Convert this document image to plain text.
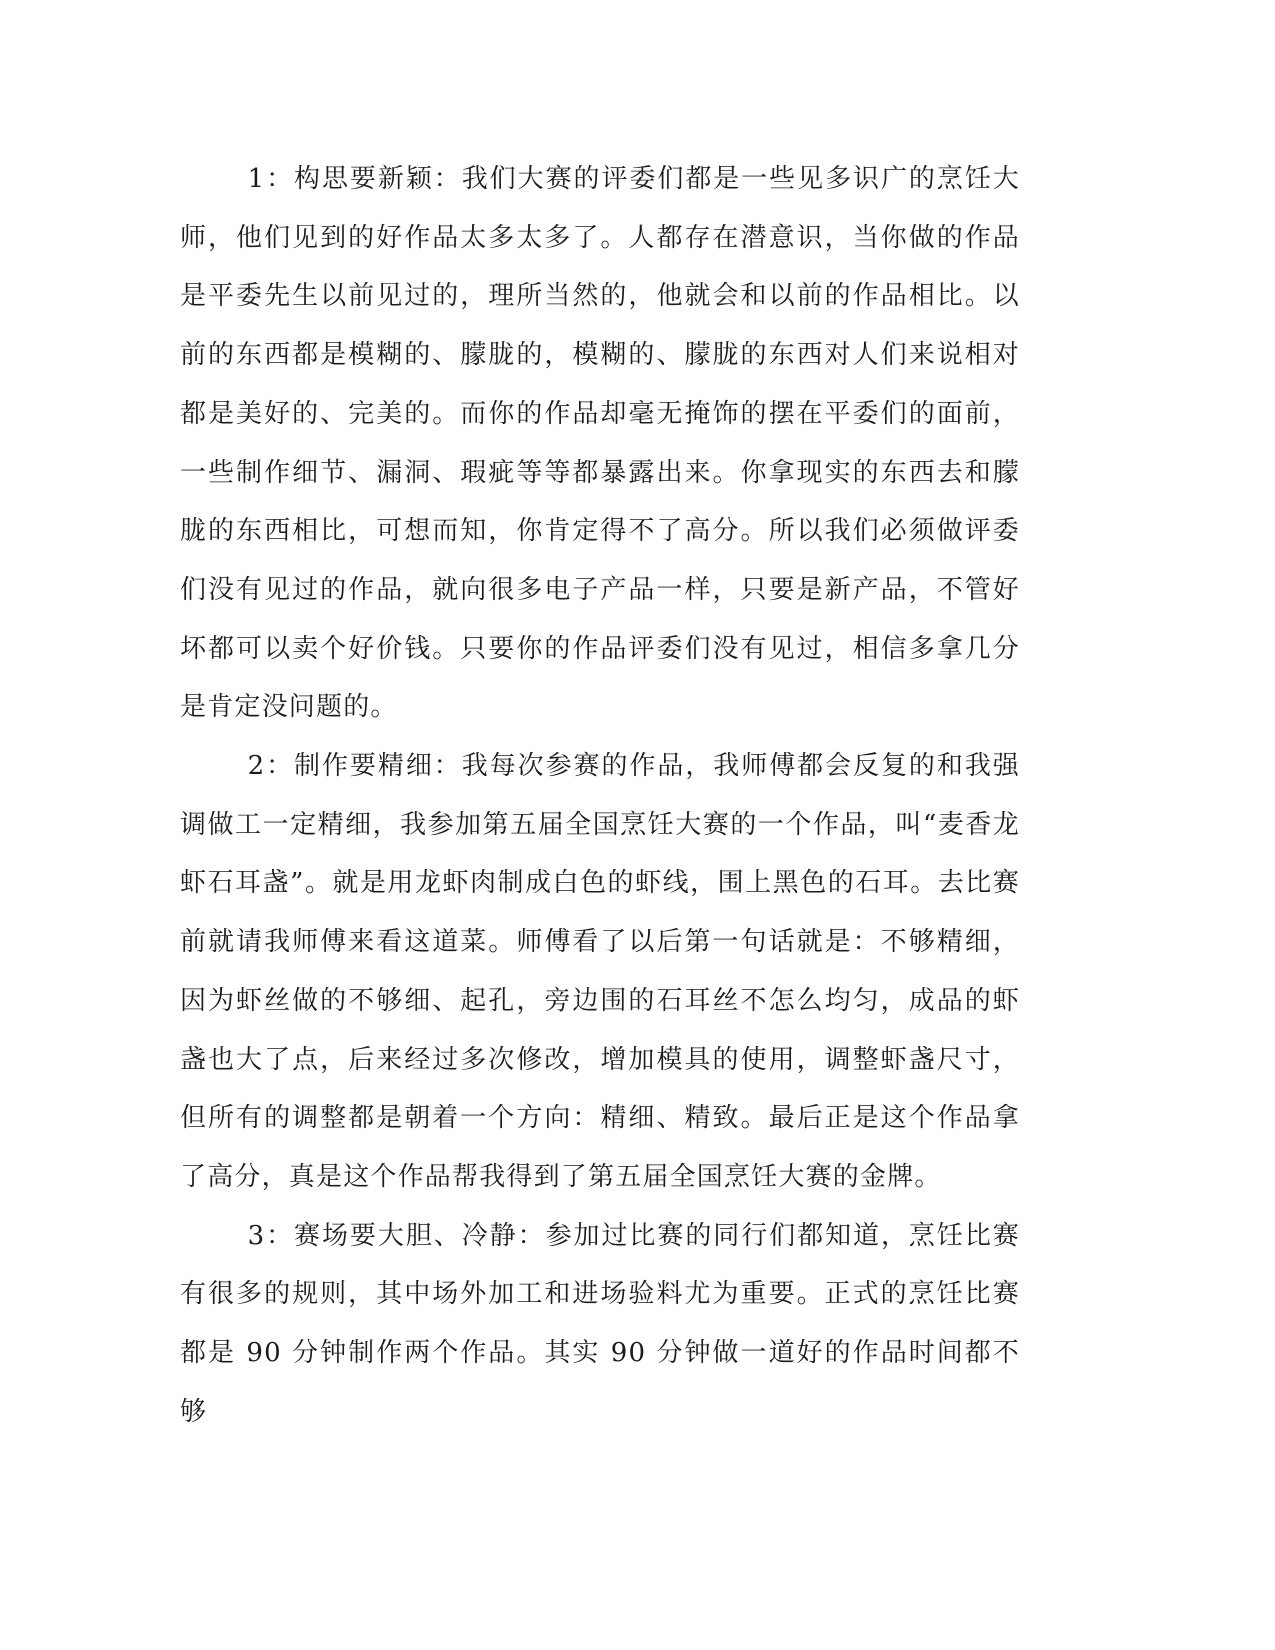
1：构思要新颖：我们大赛的评委们都是一些见多识广的烹饪大师，他们见到的好作品太多太多了。人都存在潜意识，当你做的作品是平委先生以前见过的，理所当然的，他就会和以前的作品相比。以前的东西都是模糊的、朦胧的，模糊的、朦胧的东西对人们来说相对都是美好的、完美的。而你的作品却毫无掩饰的摆在平委们的面前，一些制作细节、漏洞、瑕疵等等都暴露出来。你拿现实的东西去和朦胧的东西相比，可想而知，你肯定得不了高分。所以我们必须做评委们没有见过的作品，就向很多电子产品一样，只要是新产品，不管好坏都可以卖个好价钱。只要你的作品评委们没有见过，相信多拿几分是肯定没问题的。

2：制作要精细：我每次参赛的作品，我师傅都会反复的和我强调做工一定精细，我参加第五届全国烹饪大赛的一个作品，叫“麦香龙虾石耳盏”。就是用龙虾肉制成白色的虾线，围上黑色的石耳。去比赛前就请我师傅来看这道菜。师傅看了以后第一句话就是：不够精细，因为虾丝做的不够细、起孔，旁边围的石耳丝不怎么均匀，成品的虾盏也大了点，后来经过多次修改，增加模具的使用，调整虾盏尺寸，但所有的调整都是朝着一个方向：精细、精致。最后正是这个作品拿了高分，真是这个作品帮我得到了第五届全国烹饪大赛的金牌。

3：赛场要大胆、冷静：参加过比赛的同行们都知道，烹饪比赛有很多的规则，其中场外加工和进场验料尤为重要。正式的烹饪比赛都是 90 分钟制作两个作品。其实 90 分钟做一道好的作品时间都不够
